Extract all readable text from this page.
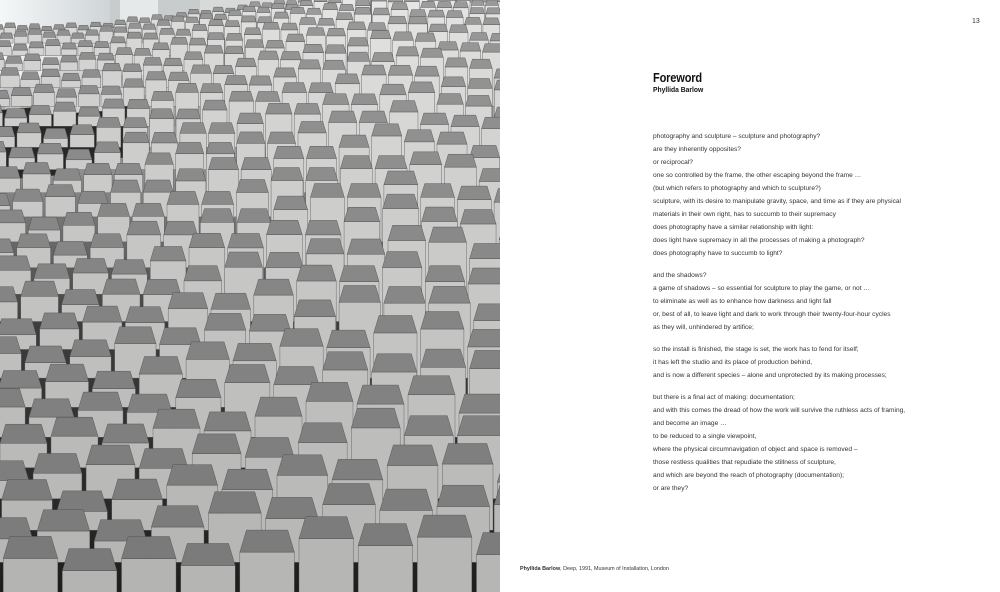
13
Foreword
Phyllida Barlow
photography and sculpture – sculpture and photography?
are they inherently opposites?
or reciprocal?
one so controlled by the frame, the other escaping beyond the frame …
(but which refers to photography and which to sculpture?)
sculpture, with its desire to manipulate gravity, space, and time as if they are physical
materials in their own right, has to succumb to their supremacy
does photography have a similar relationship with light:
does light have supremacy in all the processes of making a photograph?
does photography have to succumb to light?
and the shadows?
a game of shadows – so essential for sculpture to play the game, or not …
to eliminate as well as to enhance how darkness and light fall
or, best of all, to leave light and dark to work through their twenty-four-hour cycles
as they will, unhindered by artifice;
so the install is finished, the stage is set, the work has to fend for itself;
it has left the studio and its place of production behind,
and is now a different species – alone and unprotected by its making processes;
but there is a final act of making: documentation;
and with this comes the dread of how the work will survive the ruthless acts of framing,
and become an image …
to be reduced to a single viewpoint,
where the physical circumnavigation of object and space is removed –
those restless qualities that repudiate the stillness of sculpture,
and which are beyond the reach of photography (documentation);
or are they?
Phyllida Barlow, Deep, 1991, Museum of Installation, London
